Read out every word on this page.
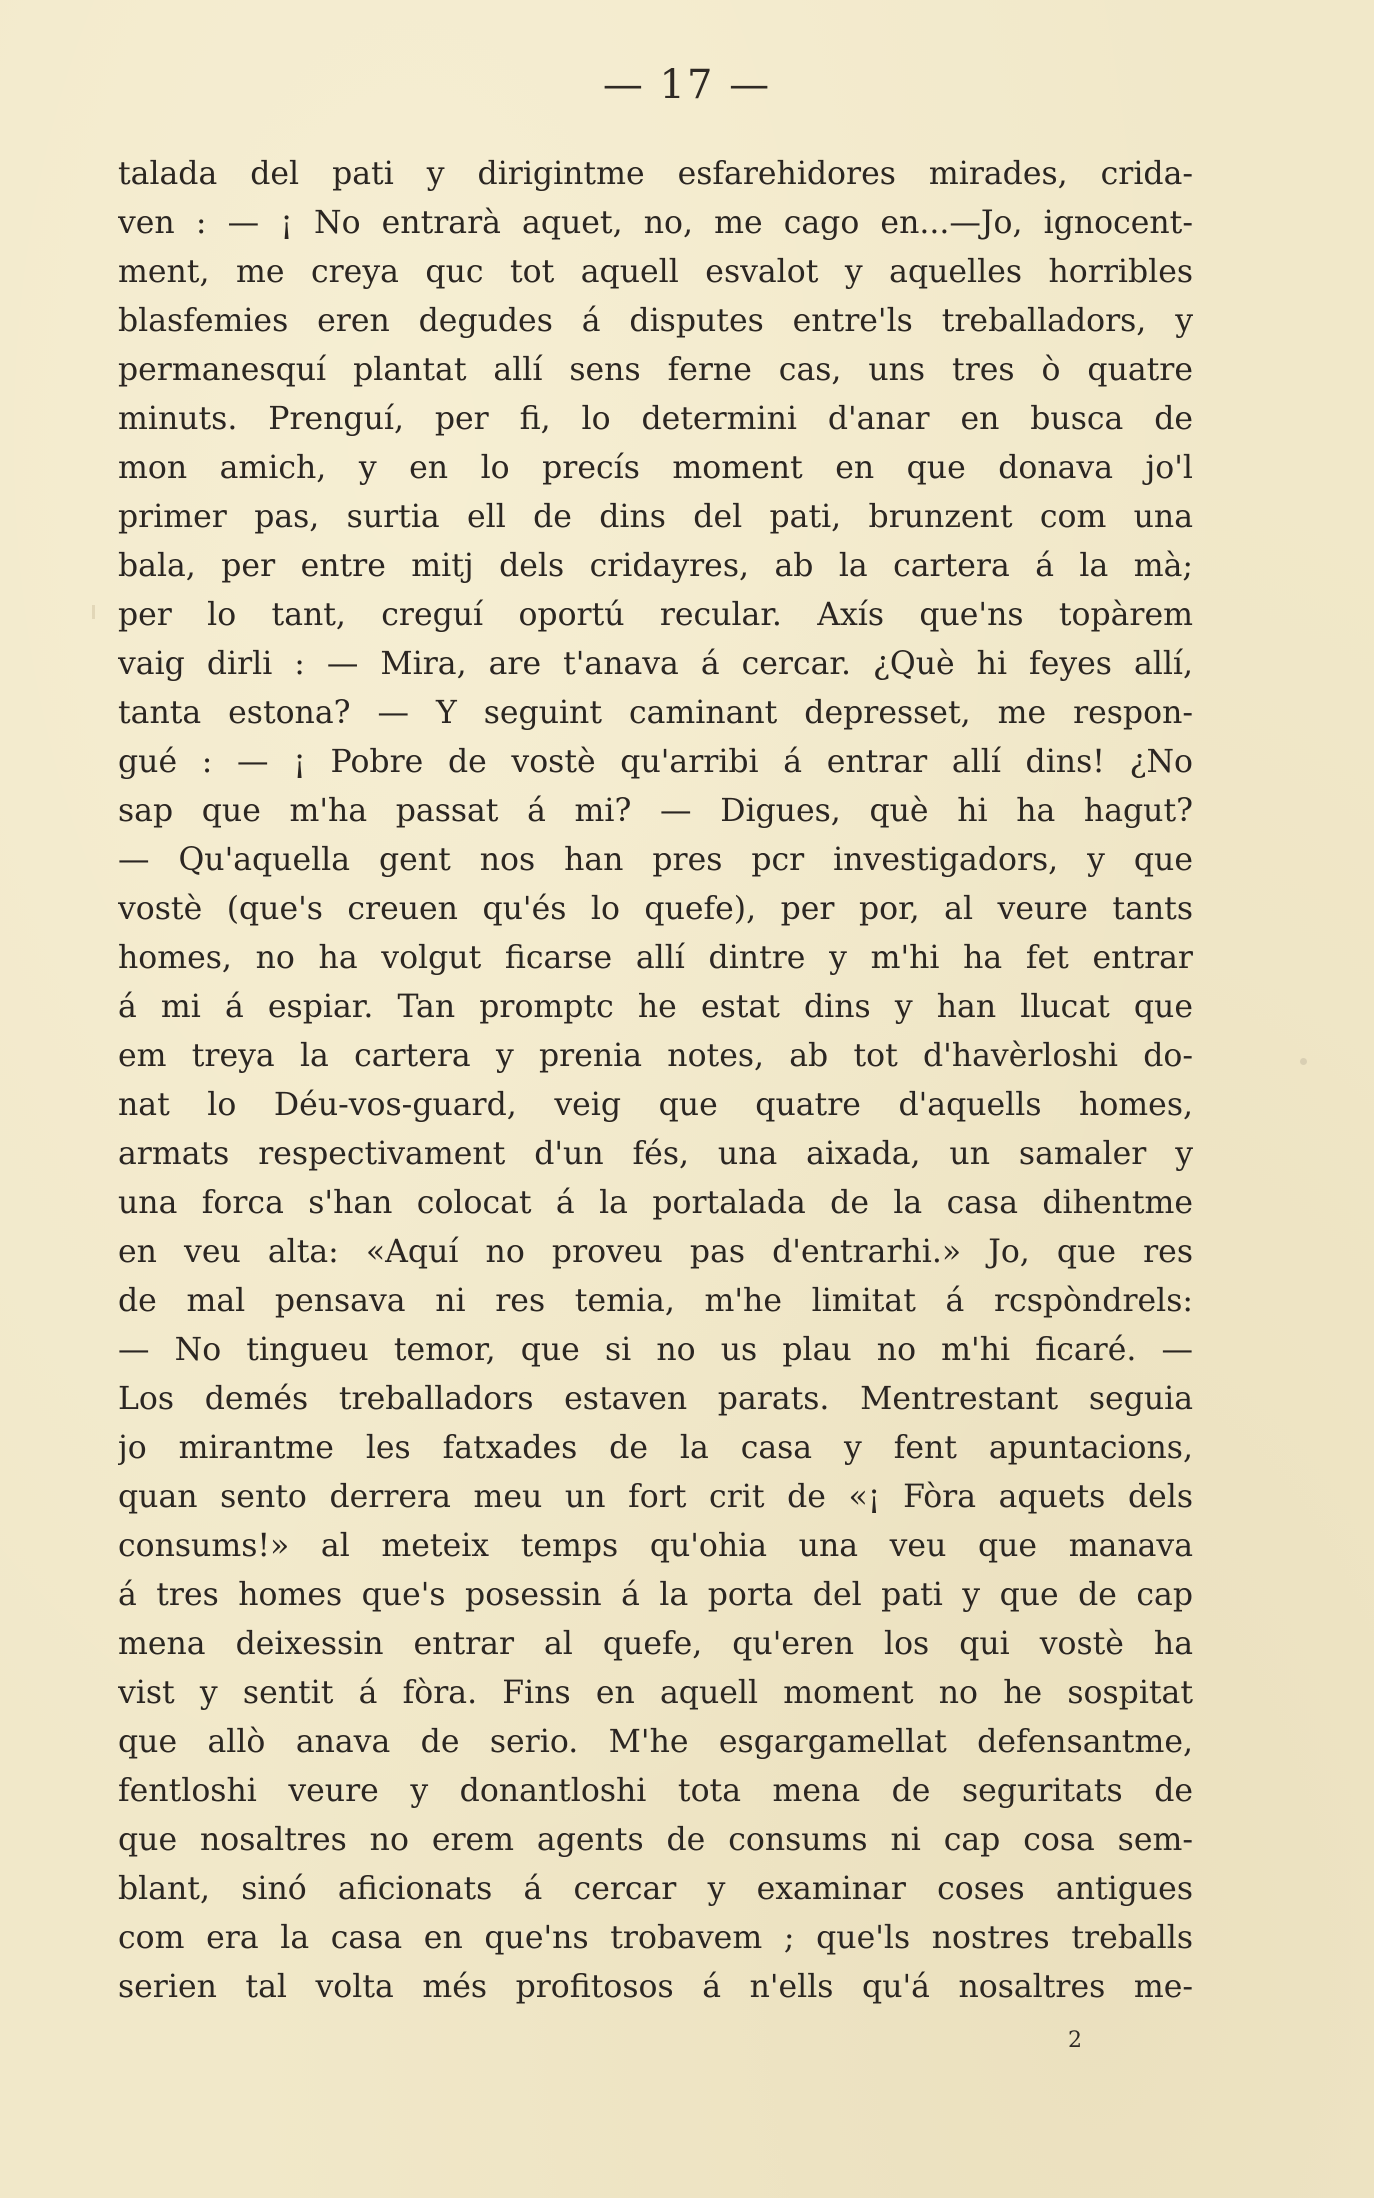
— 17 —
talada del pati y dirigintme esfarehidores mirades, crida-
ven : — ¡ No entrarà aquet, no, me cago en...—Jo, ignocent-
ment, me creya quc tot aquell esvalot y aquelles horribles
blasfemies eren degudes á disputes entre'ls treballadors, y
permanesquí plantat allí sens ferne cas, uns tres ò quatre
minuts. Prenguí, per fi, lo determini d'anar en busca de
mon amich, y en lo precís moment en que donava jo'l
primer pas, surtia ell de dins del pati, brunzent com una
bala, per entre mitj dels cridayres, ab la cartera á la mà;
per lo tant, creguí oportú recular. Axís que'ns topàrem
vaig dirli : — Mira, are t'anava á cercar. ¿Què hi feyes allí,
tanta estona? — Y seguint caminant depresset, me respon-
gué : — ¡ Pobre de vostè qu'arribi á entrar allí dins! ¿No
sap que m'ha passat á mi? — Digues, què hi ha hagut?
— Qu'aquella gent nos han pres pcr investigadors, y que
vostè (que's creuen qu'és lo quefe), per por, al veure tants
homes, no ha volgut ficarse allí dintre y m'hi ha fet entrar
á mi á espiar. Tan promptc he estat dins y han llucat que
em treya la cartera y prenia notes, ab tot d'havèrloshi do-
nat lo Déu-vos-guard, veig que quatre d'aquells homes,
armats respectivament d'un fés, una aixada, un samaler y
una forca s'han colocat á la portalada de la casa dihentme
en veu alta: «Aquí no proveu pas d'entrarhi.» Jo, que res
de mal pensava ni res temia, m'he limitat á rcspòndrels:
— No tingueu temor, que si no us plau no m'hi ficaré. —
Los demés treballadors estaven parats. Mentrestant seguia
jo mirantme les fatxades de la casa y fent apuntacions,
quan sento derrera meu un fort crit de «¡ Fòra aquets dels
consums!» al meteix temps qu'ohia una veu que manava
á tres homes que's posessin á la porta del pati y que de cap
mena deixessin entrar al quefe, qu'eren los qui vostè ha
vist y sentit á fòra. Fins en aquell moment no he sospitat
que allò anava de serio. M'he esgargamellat defensantme,
fentloshi veure y donantloshi tota mena de seguritats de
que nosaltres no erem agents de consums ni cap cosa sem-
blant, sinó aficionats á cercar y examinar coses antigues
com era la casa en que'ns trobavem ; que'ls nostres treballs
serien tal volta més profitosos á n'ells qu'á nosaltres me-
2
